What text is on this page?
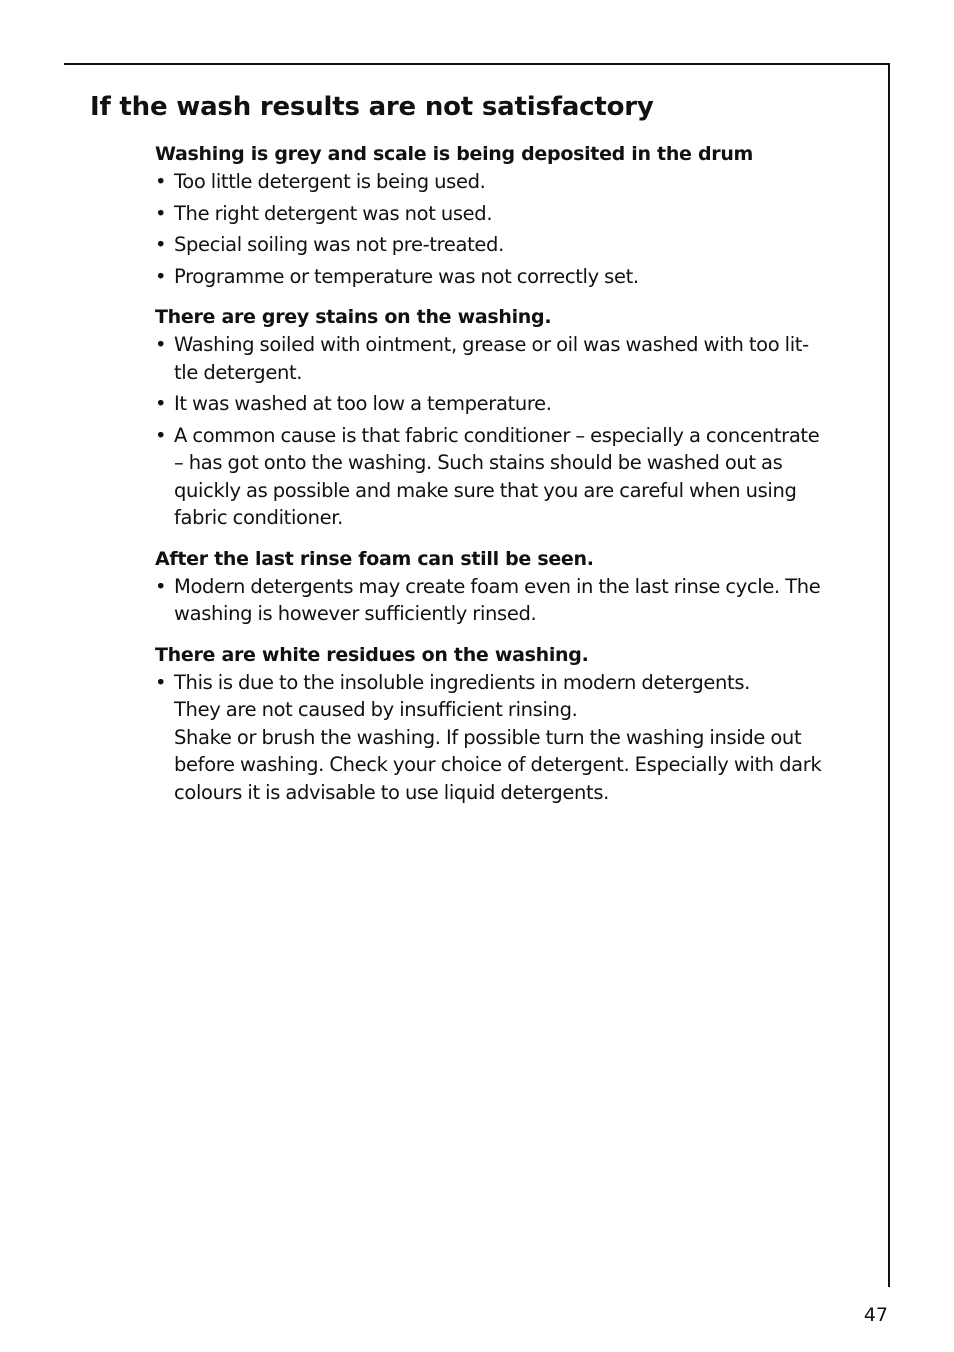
If the wash results are not satisfactory
Washing is grey and scale is being deposited in the drum
• Too little detergent is being used.
• The right detergent was not used.
• Special soiling was not pre-treated.
• Programme or temperature was not correctly set.
There are grey stains on the washing.
• Washing soiled with ointment, grease or oil was washed with too lit-
tle detergent.
• It was washed at too low a temperature.
• A common cause is that fabric conditioner – especially a concentrate
– has got onto the washing. Such stains should be washed out as
quickly as possible and make sure that you are careful when using
fabric conditioner.
After the last rinse foam can still be seen.
• Modern detergents may create foam even in the last rinse cycle. The
washing is however sufficiently rinsed.
There are white residues on the washing.
• This is due to the insoluble ingredients in modern detergents.
They are not caused by insufficient rinsing.
Shake or brush the washing. If possible turn the washing inside out
before washing. Check your choice of detergent. Especially with dark
colours it is advisable to use liquid detergents.
47
